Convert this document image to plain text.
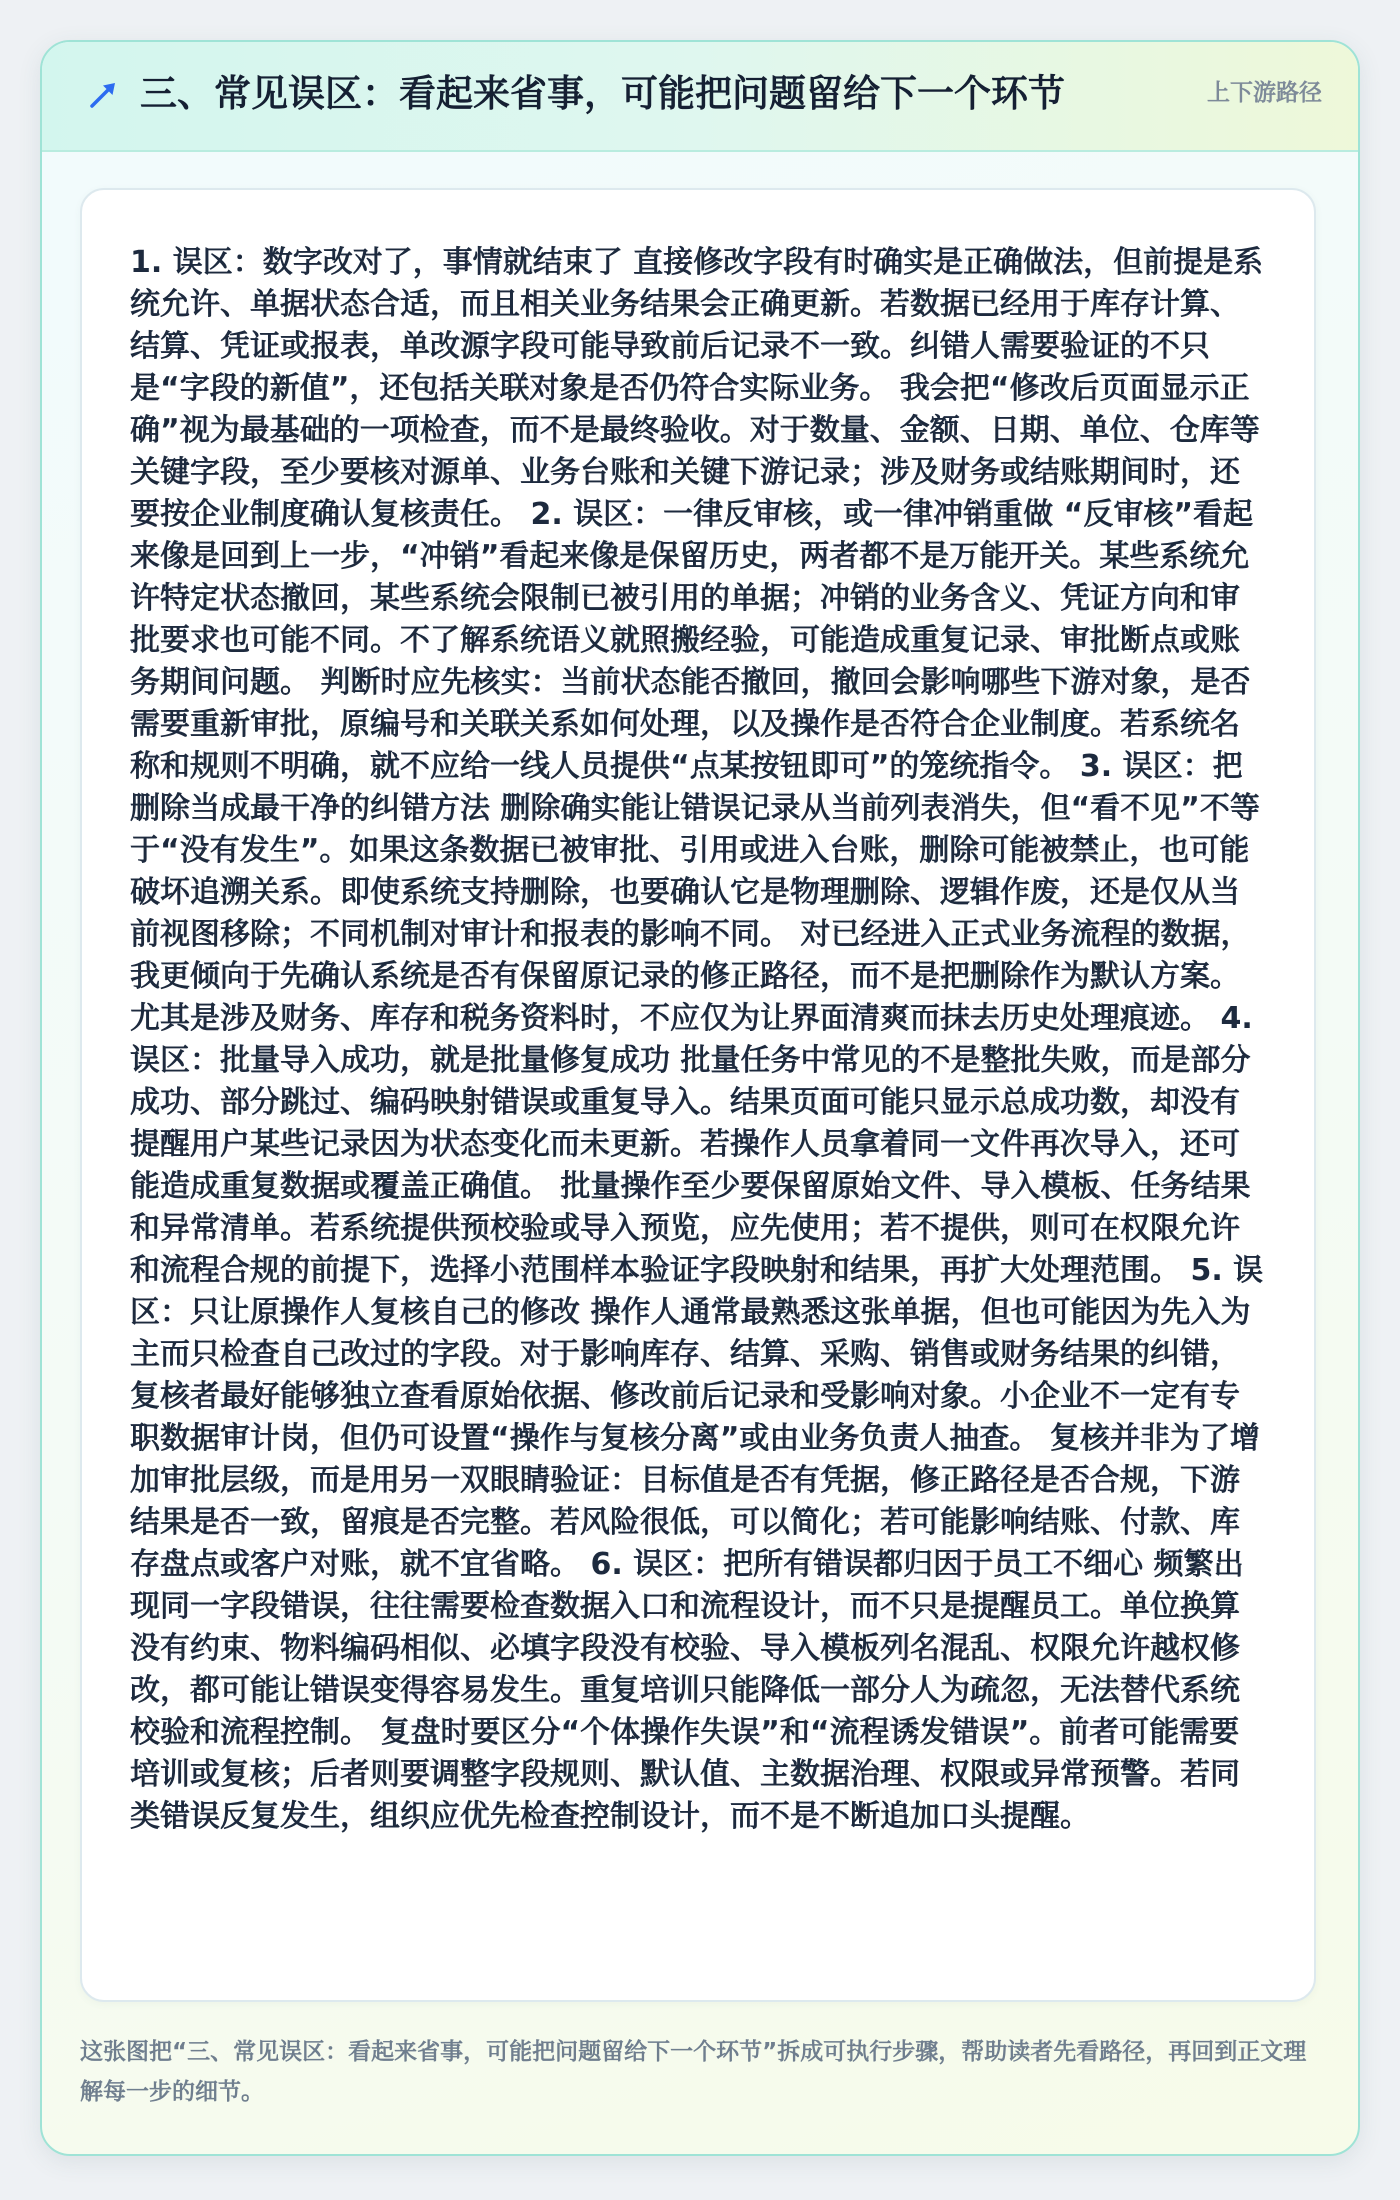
三、常见误区：看起来省事，可能把问题留给下一个环节	上下游路径

1. 误区：数字改对了，事情就结束了 直接修改字段有时确实是正确做法，但前提是系统允许、单据状态合适，而且相关业务结果会正确更新。若数据已经用于库存计算、结算、凭证或报表，单改源字段可能导致前后记录不一致。纠错人需要验证的不只是“字段的新值”，还包括关联对象是否仍符合实际业务。 我会把“修改后页面显示正确”视为最基础的一项检查，而不是最终验收。对于数量、金额、日期、单位、仓库等关键字段，至少要核对源单、业务台账和关键下游记录；涉及财务或结账期间时，还要按企业制度确认复核责任。 2. 误区：一律反审核，或一律冲销重做 “反审核”看起来像是回到上一步，“冲销”看起来像是保留历史，两者都不是万能开关。某些系统允许特定状态撤回，某些系统会限制已被引用的单据；冲销的业务含义、凭证方向和审批要求也可能不同。不了解系统语义就照搬经验，可能造成重复记录、审批断点或账务期间问题。 判断时应先核实：当前状态能否撤回，撤回会影响哪些下游对象，是否需要重新审批，原编号和关联关系如何处理，以及操作是否符合企业制度。若系统名称和规则不明确，就不应给一线人员提供“点某按钮即可”的笼统指令。 3. 误区：把删除当成最干净的纠错方法 删除确实能让错误记录从当前列表消失，但“看不见”不等于“没有发生”。如果这条数据已被审批、引用或进入台账，删除可能被禁止，也可能破坏追溯关系。即使系统支持删除，也要确认它是物理删除、逻辑作废，还是仅从当前视图移除；不同机制对审计和报表的影响不同。 对已经进入正式业务流程的数据，我更倾向于先确认系统是否有保留原记录的修正路径，而不是把删除作为默认方案。尤其是涉及财务、库存和税务资料时，不应仅为让界面清爽而抹去历史处理痕迹。 4. 误区：批量导入成功，就是批量修复成功 批量任务中常见的不是整批失败，而是部分成功、部分跳过、编码映射错误或重复导入。结果页面可能只显示总成功数，却没有提醒用户某些记录因为状态变化而未更新。若操作人员拿着同一文件再次导入，还可能造成重复数据或覆盖正确值。 批量操作至少要保留原始文件、导入模板、任务结果和异常清单。若系统提供预校验或导入预览，应先使用；若不提供，则可在权限允许和流程合规的前提下，选择小范围样本验证字段映射和结果，再扩大处理范围。 5. 误区：只让原操作人复核自己的修改 操作人通常最熟悉这张单据，但也可能因为先入为主而只检查自己改过的字段。对于影响库存、结算、采购、销售或财务结果的纠错，复核者最好能够独立查看原始依据、修改前后记录和受影响对象。小企业不一定有专职数据审计岗，但仍可设置“操作与复核分离”或由业务负责人抽查。 复核并非为了增加审批层级，而是用另一双眼睛验证：目标值是否有凭据，修正路径是否合规，下游结果是否一致，留痕是否完整。若风险很低，可以简化；若可能影响结账、付款、库存盘点或客户对账，就不宜省略。 6. 误区：把所有错误都归因于员工不细心 频繁出现同一字段错误，往往需要检查数据入口和流程设计，而不只是提醒员工。单位换算没有约束、物料编码相似、必填字段没有校验、导入模板列名混乱、权限允许越权修改，都可能让错误变得容易发生。重复培训只能降低一部分人为疏忽，无法替代系统校验和流程控制。 复盘时要区分“个体操作失误”和“流程诱发错误”。前者可能需要培训或复核；后者则要调整字段规则、默认值、主数据治理、权限或异常预警。若同类错误反复发生，组织应优先检查控制设计，而不是不断追加口头提醒。

这张图把“三、常见误区：看起来省事，可能把问题留给下一个环节”拆成可执行步骤，帮助读者先看路径，再回到正文理解每一步的细节。
